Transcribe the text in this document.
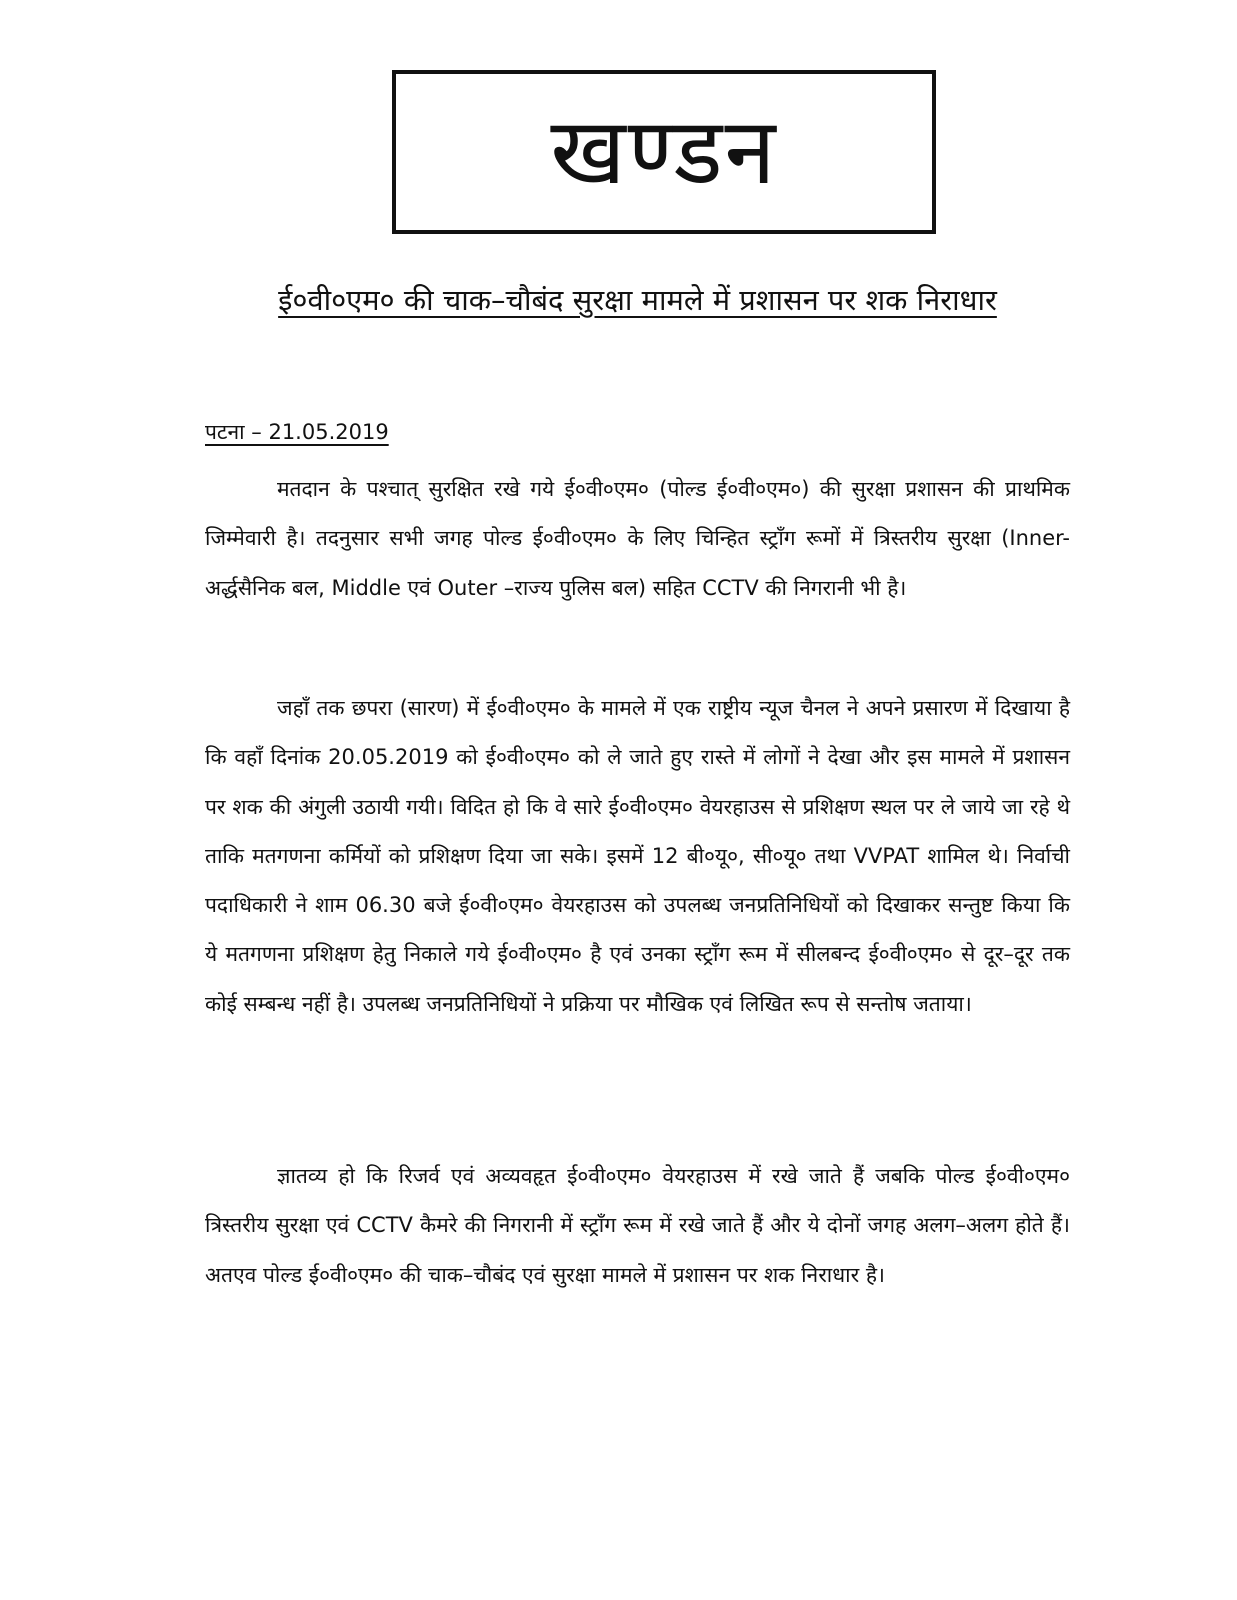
खण्डन
ई०वी०एम० की चाक–चौबंद सुरक्षा मामले में प्रशासन पर शक निराधार
पटना – 21.05.2019

मतदान के पश्चात् सुरक्षित रखे गये ई०वी०एम० (पोल्ड ई०वी०एम०) की सुरक्षा प्रशासन की प्राथमिक जिम्मेवारी है। तदनुसार सभी जगह पोल्ड ई०वी०एम० के लिए चिन्हित स्ट्राँग रूमों में त्रिस्तरीय सुरक्षा (Inner- अर्द्धसैनिक बल, Middle एवं Outer –राज्य पुलिस बल) सहित CCTV की निगरानी भी है।

जहाँ तक छपरा (सारण) में ई०वी०एम० के मामले में एक राष्ट्रीय न्यूज चैनल ने अपने प्रसारण में दिखाया है कि वहाँ दिनांक 20.05.2019 को ई०वी०एम० को ले जाते हुए रास्ते में लोगों ने देखा और इस मामले में प्रशासन पर शक की अंगुली उठायी गयी। विदित हो कि वे सारे ई०वी०एम० वेयरहाउस से प्रशिक्षण स्थल पर ले जाये जा रहे थे ताकि मतगणना कर्मियों को प्रशिक्षण दिया जा सके। इसमें 12 बी०यू०, सी०यू० तथा VVPAT शामिल थे। निर्वाची पदाधिकारी ने शाम 06.30 बजे ई०वी०एम० वेयरहाउस को उपलब्ध जनप्रतिनिधियों को दिखाकर सन्तुष्ट किया कि ये मतगणना प्रशिक्षण हेतु निकाले गये ई०वी०एम० है एवं उनका स्ट्राँग रूम में सीलबन्द ई०वी०एम० से दूर–दूर तक कोई सम्बन्ध नहीं है। उपलब्ध जनप्रतिनिधियों ने प्रक्रिया पर मौखिक एवं लिखित रूप से सन्तोष जताया।

ज्ञातव्य हो कि रिजर्व एवं अव्यवहृत ई०वी०एम० वेयरहाउस में रखे जाते हैं जबकि पोल्ड ई०वी०एम० त्रिस्तरीय सुरक्षा एवं CCTV कैमरे की निगरानी में स्ट्राँग रूम में रखे जाते हैं और ये दोनों जगह अलग–अलग होते हैं। अतएव पोल्ड ई०वी०एम० की चाक–चौबंद एवं सुरक्षा मामले में प्रशासन पर शक निराधार है।
